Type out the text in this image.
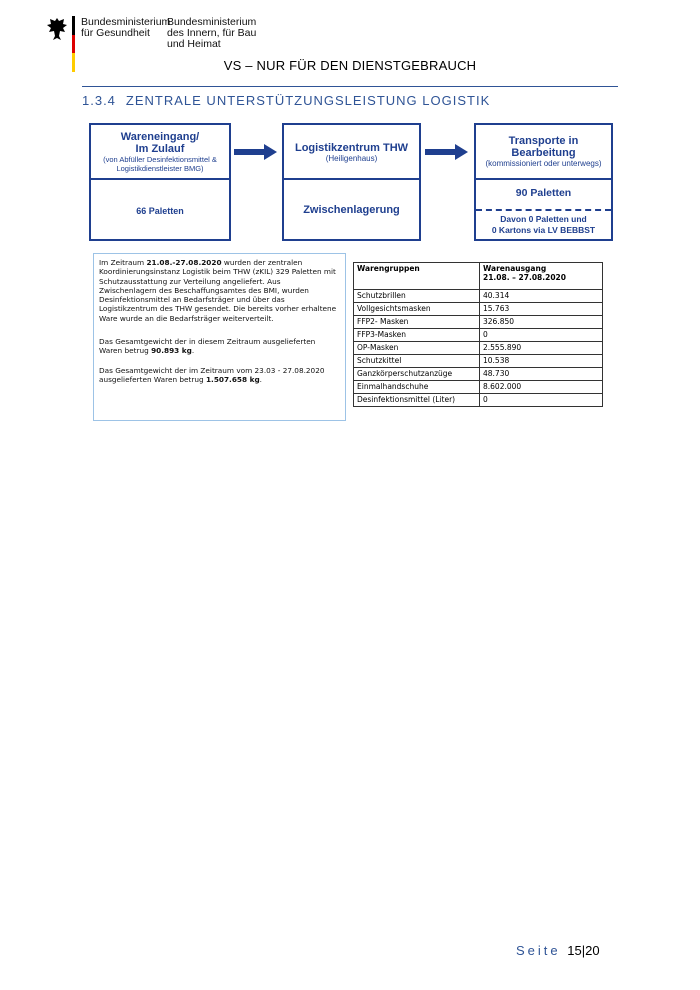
Bundesministerium
für Gesundheit
Bundesministerium
des Innern, für Bau
und Heimat
VS – NUR FÜR DEN DIENSTGEBRAUCH
1.3.4 ZENTRALE UNTERSTÜTZUNGSLEISTUNG LOGISTIK
Wareneingang/
Im Zulauf
(von Abfüller Desinfektionsmittel &
Logistikdienstleister BMG)
66 Paletten
Logistikzentrum THW
(Heiligenhaus)
Zwischenlagerung
Transporte in
Bearbeitung
(kommissioniert oder unterwegs)
90 Paletten
Davon 0 Paletten und
0 Kartons via LV BEBBST

Im Zeitraum 21.08.-27.08.2020 wurden der zentralen Koordinierungsinstanz Logistik beim THW (zKIL) 329 Paletten mit Schutzausstattung zur Verteilung angeliefert. Aus Zwischenlagern des Beschaffungsamtes des BMI, wurden Desinfektionsmittel an Bedarfsträger und über das Logistikzentrum des THW gesendet. Die bereits vorher erhaltene Ware wurde an die Bedarfsträger weiterverteilt.

Das Gesamtgewicht der in diesem Zeitraum ausgelieferten Waren betrug 90.893 kg.

Das Gesamtgewicht der im Zeitraum vom 23.03 - 27.08.2020 ausgelieferten Waren betrug 1.507.658 kg.

Warengruppen	Warenausgang
21.08. – 27.08.2020
Schutzbrillen	40.314
Vollgesichtsmasken	15.763
FFP2- Masken	326.850
FFP3-Masken	0
OP-Masken	2.555.890
Schutzkittel	10.538
Ganzkörperschutzanzüge	48.730
Einmalhandschuhe	8.602.000
Desinfektionsmittel (Liter)	0
Seite 15|20
